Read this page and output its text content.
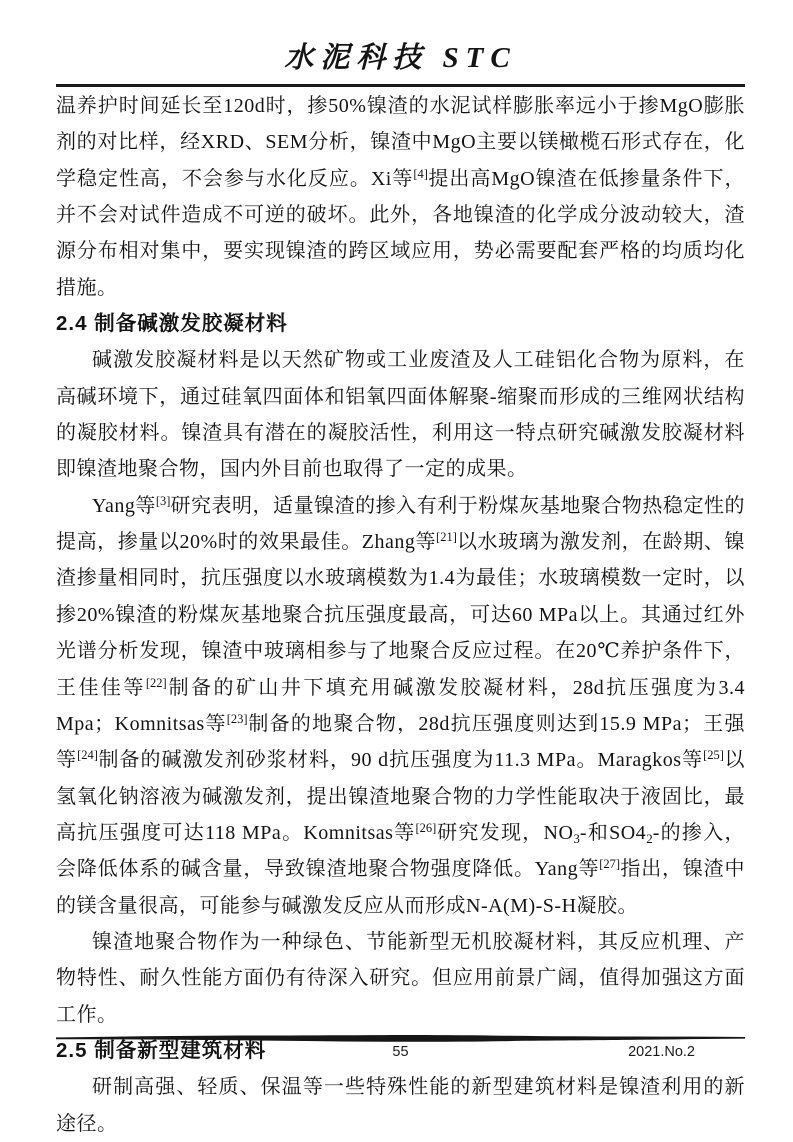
水泥科技 STC

温养护时间延长至120d时，掺50%镍渣的水泥试样膨胀率远小于掺MgO膨胀剂的对比样，经XRD、SEM分析，镍渣中MgO主要以镁橄榄石形式存在，化学稳定性高，不会参与水化反应。Xi等[4]提出高MgO镍渣在低掺量条件下，并不会对试件造成不可逆的破坏。此外，各地镍渣的化学成分波动较大，渣源分布相对集中，要实现镍渣的跨区域应用，势必需要配套严格的均质均化措施。

2.4 制备碱激发胶凝材料

碱激发胶凝材料是以天然矿物或工业废渣及人工硅铝化合物为原料，在高碱环境下，通过硅氧四面体和铝氧四面体解聚-缩聚而形成的三维网状结构的凝胶材料。镍渣具有潜在的凝胶活性，利用这一特点研究碱激发胶凝材料即镍渣地聚合物，国内外目前也取得了一定的成果。

Yang等[3]研究表明，适量镍渣的掺入有利于粉煤灰基地聚合物热稳定性的提高，掺量以20%时的效果最佳。Zhang等[21]以水玻璃为激发剂，在龄期、镍渣掺量相同时，抗压强度以水玻璃模数为1.4为最佳；水玻璃模数一定时，以掺20%镍渣的粉煤灰基地聚合抗压强度最高，可达60 MPa以上。其通过红外光谱分析发现，镍渣中玻璃相参与了地聚合反应过程。在20℃养护条件下，王佳佳等[22]制备的矿山井下填充用碱激发胶凝材料，28d抗压强度为3.4 Mpa；Komnitsas等[23]制备的地聚合物，28d抗压强度则达到15.9 MPa；王强等[24]制备的碱激发剂砂浆材料，90 d抗压强度为11.3 MPa。Maragkos等[25]以氢氧化钠溶液为碱激发剂，提出镍渣地聚合物的力学性能取决于液固比，最高抗压强度可达118 MPa。Komnitsas等[26]研究发现，$NO_3-$和$SO4_2-$的掺入，会降低体系的碱含量，导致镍渣地聚合物强度降低。Yang等[27]指出，镍渣中的镁含量很高，可能参与碱激发反应从而形成N-A(M)-S-H凝胶。

镍渣地聚合物作为一种绿色、节能新型无机胶凝材料，其反应机理、产物特性、耐久性能方面仍有待深入研究。但应用前景广阔，值得加强这方面工作。

2.5 制备新型建筑材料

研制高强、轻质、保温等一些特殊性能的新型建筑材料是镍渣利用的新途径。

55	2021.No.2
